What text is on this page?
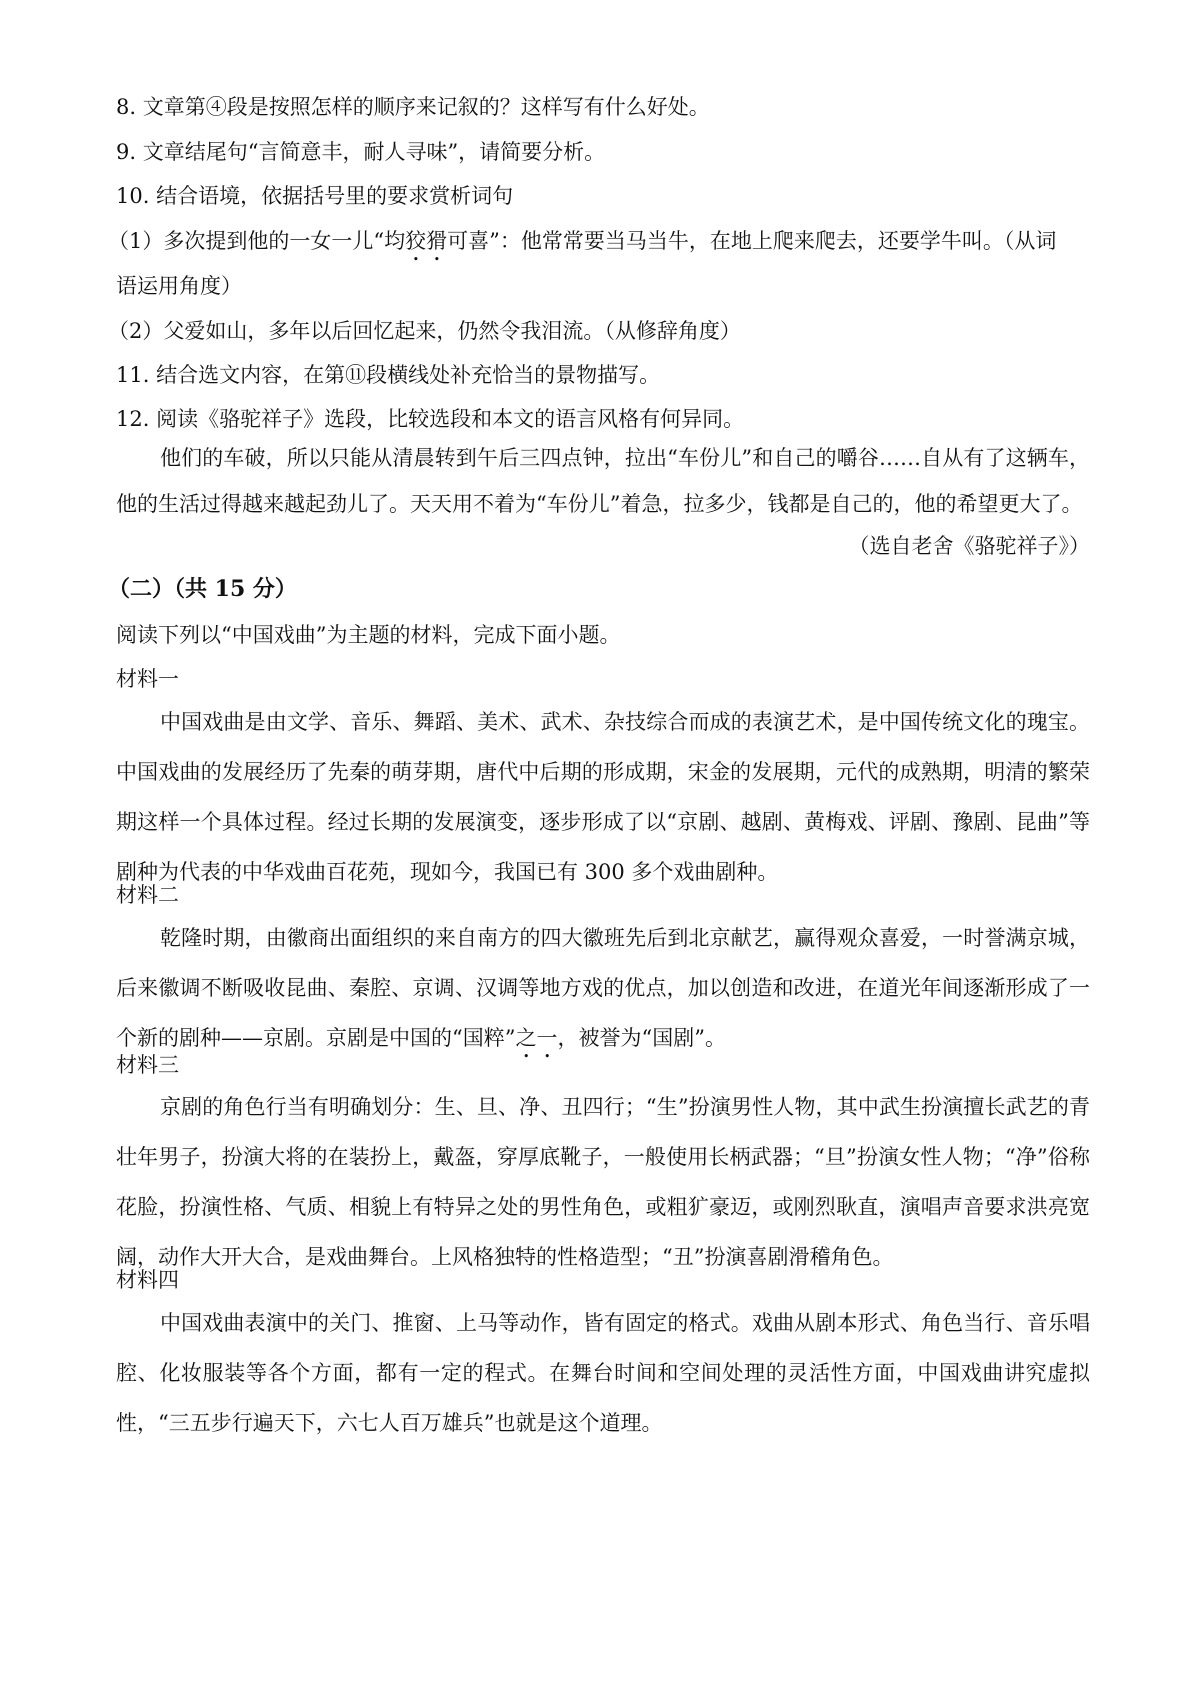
8. 文章第④段是按照怎样的顺序来记叙的？这样写有什么好处。
9. 文章结尾句“言简意丰，耐人寻味”，请简要分析。
10. 结合语境，依据括号里的要求赏析词句
（1）多次提到他的一女一儿“均狡猾可喜”：他常常要当马当牛，在地上爬来爬去，还要学牛叫。（从词
语运用角度）
（2）父爱如山，多年以后回忆起来，仍然令我泪流。（从修辞角度）
11. 结合选文内容，在第⑪段横线处补充恰当的景物描写。
12. 阅读《骆驼祥子》选段，比较选段和本文的语言风格有何异同。
他们的车破，所以只能从清晨转到午后三四点钟，拉出“车份儿”和自己的嚼谷……自从有了这辆车，他的生活过得越来越起劲儿了。天天用不着为“车份儿”着急，拉多少，钱都是自己的，他的希望更大了。
（选自老舍《骆驼祥子》）
（二）（共 15 分）
阅读下列以“中国戏曲”为主题的材料，完成下面小题。
材料一
中国戏曲是由文学、音乐、舞蹈、美术、武术、杂技综合而成的表演艺术，是中国传统文化的瑰宝。中国戏曲的发展经历了先秦的萌芽期，唐代中后期的形成期，宋金的发展期，元代的成熟期，明清的繁荣期这样一个具体过程。经过长期的发展演变，逐步形成了以“京剧、越剧、黄梅戏、评剧、豫剧、昆曲”等剧种为代表的中华戏曲百花苑，现如今，我国已有 300 多个戏曲剧种。
材料二
乾隆时期，由徽商出面组织的来自南方的四大徽班先后到北京献艺，赢得观众喜爱，一时誉满京城，后来徽调不断吸收昆曲、秦腔、京调、汉调等地方戏的优点，加以创造和改进，在道光年间逐渐形成了一个新的剧种——京剧。京剧是中国的“国粹”之一，被誉为“国剧”。
材料三
京剧的角色行当有明确划分：生、旦、净、丑四行；“生”扮演男性人物，其中武生扮演擅长武艺的青壮年男子，扮演大将的在装扮上，戴盔，穿厚底靴子，一般使用长柄武器；“旦”扮演女性人物；“净”俗称花脸，扮演性格、气质、相貌上有特异之处的男性角色，或粗犷豪迈，或刚烈耿直，演唱声音要求洪亮宽阔，动作大开大合，是戏曲舞台。上风格独特的性格造型；“丑”扮演喜剧滑稽角色。
材料四
中国戏曲表演中的关门、推窗、上马等动作，皆有固定的格式。戏曲从剧本形式、角色当行、音乐唱腔、化妆服装等各个方面，都有一定的程式。在舞台时间和空间处理的灵活性方面，中国戏曲讲究虚拟性，“三五步行遍天下，六七人百万雄兵”也就是这个道理。
